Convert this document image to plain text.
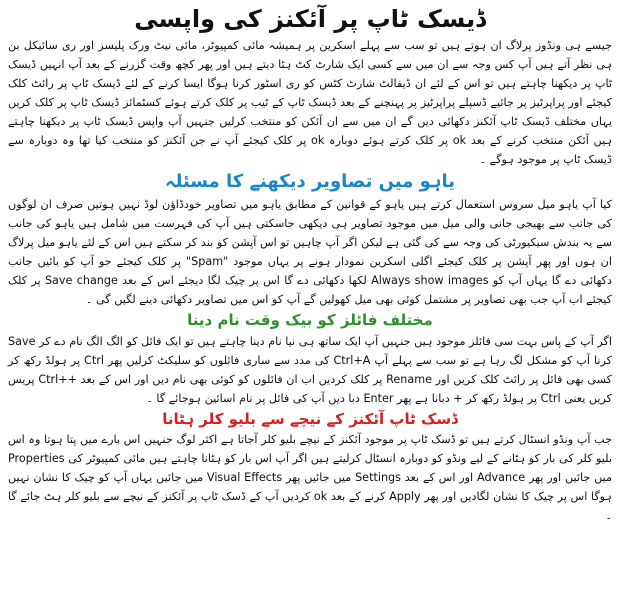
ڈیسک ٹاپ پر آئکنز کی واپسی

جیسے ہی ونڈوز پرلاگ ان ہوتے ہیں تو سب سے پہلے اسکرین پر ہمیشہ مائی کمپیوٹر، مائی نیٹ ورک پلیسز اور ری سائیکل بن ہی نظر آتے ہیں آپ کس وجہ سے ان میں سے کسی ایک شارٹ کٹ ہٹا دیتے ہیں اور پھر کچھ وقت گزرنے کے بعد آپ انہیں ڈیسک ٹاپ پر دیکھنا چاہتے ہیں تو اس کے لئے ان ڈیفالٹ شارٹ کٹس کو ری اسٹور کرنا ہوگا ایسا کرنے کے لئے ڈیسک ٹاپ پر رائٹ کلک کیجئے اور پراپرٹیز پر جائیے ڈسپلے پراپرٹیز پر پہنچنے کے بعد ڈیسک ٹاپ کے ٹیب پر کلک کرتے ہوئے کسٹمائز ڈیسک ٹاپ پر کلک کریں یہاں مختلف ڈیسک ٹاپ آئکنز دکھائی دیں گے ان میں سے ان آئکن کو منتخب کرلیں جنہیں آپ واپس ڈیسک ٹاپ پر دیکھنا چاہتے ہیں آئکن منتخب کرنے کے بعد ok پر کلک کرتے ہوئے دوبارہ ok پر کلک کیجئے آپ نے جن آئکنز کو منتخب کیا تھا وہ دوبارہ سے ڈیسک ٹاپ پر موجود ہوگے ۔

یاہو میں تصاویر دیکھنے کا مسئلہ

کیا آپ یاہو میل سروس استعمال کرتے ہیں یاہو کے قوانین کے مطابق یاہو میں تصاویر خودڈاؤن لوڈ نہیں ہوتیں صرف ان لوگوں کی جانب سے بھیجی جانی والی میل میں موجود تصاویر ہی دیکھی جاسکتی ہیں آپ کی فہرست میں شامل ہیں یاہو کی جانب سے یہ بندش سیکیورٹی کی وجہ سے کی گئی ہے لیکن اگر آپ چاہیں تو اس آپشن کو بند کر سکتے ہیں اس کے لئے یاہو میل پرلاگ ان ہوں اور پھر آپشن پر کلک کیجئے اگلی اسکرین نمودار ہونے پر یہاں موجود "Spam" پر کلک کیجئے جو آپ کو بائیں جانب دکھائی دے گا یہاں آپ کو Always show images لکھا دکھائی دے گا اس پر چیک لگا دیجئے اس کے بعد Save change پر کلک کیجئے اب آپ جب بھی تصاویر پر مشتمل کوئی بھی میل کھولیں گے آپ کو اس میں تصاویر دکھائی دینے لگیں گی ۔

مختلف فائلز کو بیک وقت نام دینا

اگر آپ کے پاس بہت سی فائلز موجود ہیں جنہیں آپ ایک ساتھ ہی نیا نام دینا چاہتے ہیں تو ایک فائل کو الگ الگ نام دے کر Save کرنا آپ کو مشکل لگ رہا ہے تو سب سے پہلے آپ Ctrl+A کی مدد سے ساری فائلوں کو سلیکٹ کرلیں پھر Ctrl پر ہولڈ رکھ کر کسی بھی فائل پر رائٹ کلک کریں اور Rename پر کلک کردیں اب ان فائلوں کو کوئی بھی نام دیں اور اس کے بعد ++Ctrl پریس کریں یعنی Ctrl پر ہولڈ رکھ کر + دبانا ہے پھر Enter دبا دیں آپ کی فائل پر نام اسائین ہوجائے گا ۔

ڈسک ٹاپ آئکنز کے نیچے سے بلیو کلر ہٹانا

جب آپ ونڈو انسٹال کرتے ہیں تو ڈسک ٹاپ پر موجود آئکنز کے نیچے بلیو کلر آجاتا ہے اکثر لوگ جنہیں اس بارے میں پتا ہوتا وہ اس بلیو کلر کی بار کو ہٹانے کے لیے ونڈو کو دوبارہ انسٹال کرلیتے ہیں اگر آپ اس بار کو ہٹانا چاہتے ہیں مائی کمپیوٹر کی Properties میں جائیں اور پھر Advance اور اس کے بعد Settings میں جائیں پھر Visual Effects میں جائیں یہاں آپ کو چیک کا نشان نہیں ہوگا اس پر چیک کا نشان لگادیں اور پھر Apply کرنے کے بعد ok کردیں آپ کے ڈسک ٹاپ پر آئکنز کے نیچے سے بلیو کلر ہٹ جائے گا ۔
